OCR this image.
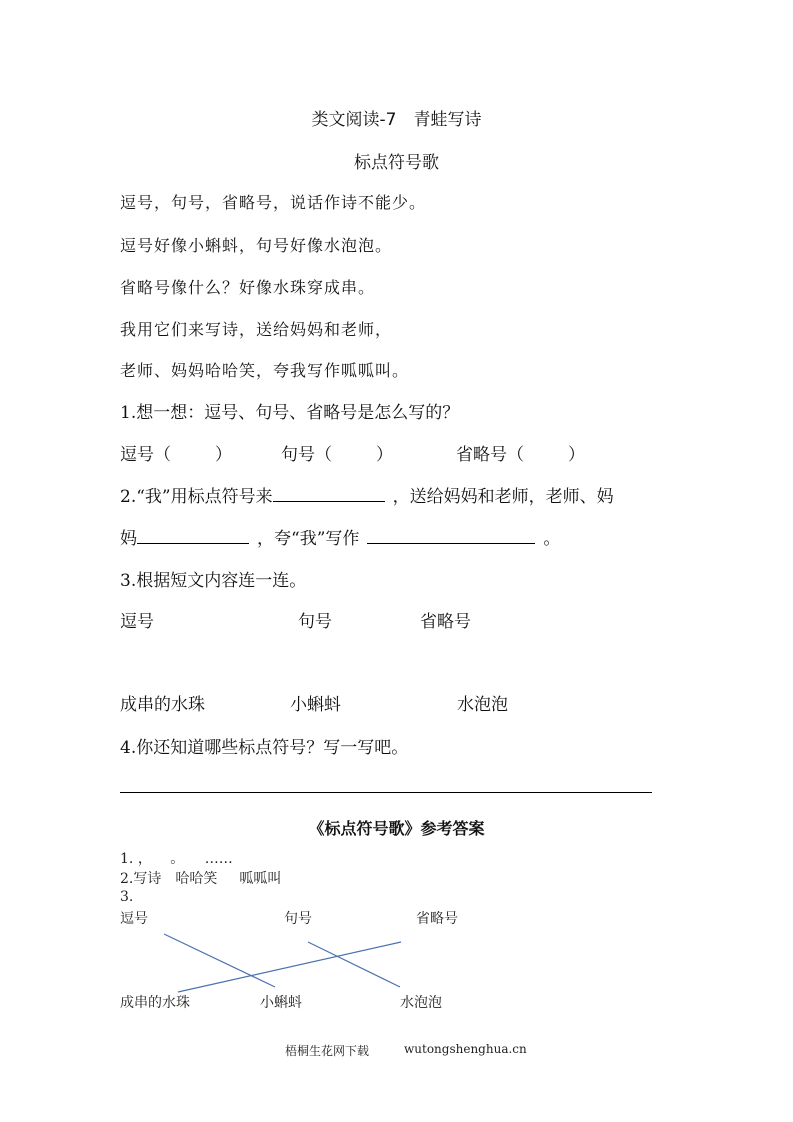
类文阅读-7　青蛙写诗
标点符号歌
逗号，句号，省略号，说话作诗不能少。
逗号好像小蝌蚪，句号好像水泡泡。
省略号像什么？好像水珠穿成串。
我用它们来写诗，送给妈妈和老师，
老师、妈妈哈哈笑，夸我写作呱呱叫。
1.想一想：逗号、句号、省略号是怎么写的？
逗号（	）	句号（	）	省略号（	）
2.“我”用标点符号来	，送给妈妈和老师，老师、妈
妈	，夸“我”写作	。
3.根据短文内容连一连。
逗号	句号	省略号
成串的水珠	小蝌蚪	水泡泡
4.你还知道哪些标点符号？写一写吧。
《标点符号歌》参考答案
1. ， 。 ……
2.写诗 哈哈笑 呱呱叫
3.
逗号	句号	省略号
成串的水珠	小蝌蚪	水泡泡
梧桐生花网下载	wutongshenghua.cn
